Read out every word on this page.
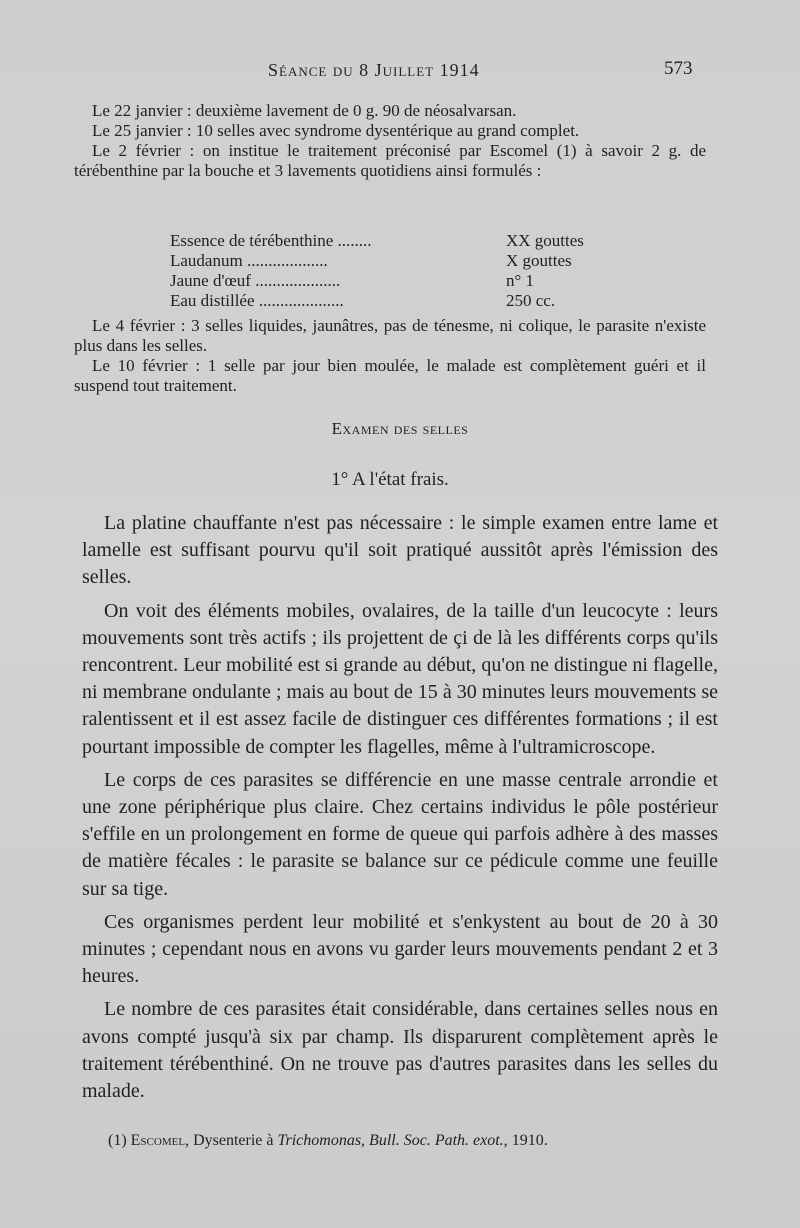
Séance du 8 Juillet 1914	573

Le 22 janvier : deuxième lavement de 0 g. 90 de néosalvarsan.

Le 25 janvier : 10 selles avec syndrome dysentérique au grand complet.

Le 2 février : on institue le traitement préconisé par Escomel (1) à savoir 2 g. de térébenthine par la bouche et 3 lavements quotidiens ainsi formulés :

Essence de térébenthine ........	XX gouttes
Laudanum ...................	X gouttes
Jaune d'œuf ....................	n° 1
Eau distillée ....................	250 cc.

Le 4 février : 3 selles liquides, jaunâtres, pas de ténesme, ni colique, le parasite n'existe plus dans les selles.

Le 10 février : 1 selle par jour bien moulée, le malade est complètement guéri et il suspend tout traitement.

Examen des selles
1° A l'état frais.

La platine chauffante n'est pas nécessaire : le simple examen entre lame et lamelle est suffisant pourvu qu'il soit pratiqué aussitôt après l'émission des selles.

On voit des éléments mobiles, ovalaires, de la taille d'un leucocyte : leurs mouvements sont très actifs ; ils projettent de çi de là les différents corps qu'ils rencontrent. Leur mobilité est si grande au début, qu'on ne distingue ni flagelle, ni membrane ondulante ; mais au bout de 15 à 30 minutes leurs mouvements se ralentissent et il est assez facile de distinguer ces différentes formations ; il est pourtant impossible de compter les flagelles, même à l'ultramicroscope.

Le corps de ces parasites se différencie en une masse centrale arrondie et une zone périphérique plus claire. Chez certains individus le pôle postérieur s'effile en un prolongement en forme de queue qui parfois adhère à des masses de matière fécales : le parasite se balance sur ce pédicule comme une feuille sur sa tige.

Ces organismes perdent leur mobilité et s'enkystent au bout de 20 à 30 minutes ; cependant nous en avons vu garder leurs mouvements pendant 2 et 3 heures.

Le nombre de ces parasites était considérable, dans certaines selles nous en avons compté jusqu'à six par champ. Ils disparurent complètement après le traitement térébenthiné. On ne trouve pas d'autres parasites dans les selles du malade.

(1) Escomel, Dysenterie à Trichomonas, Bull. Soc. Path. exot., 1910.
